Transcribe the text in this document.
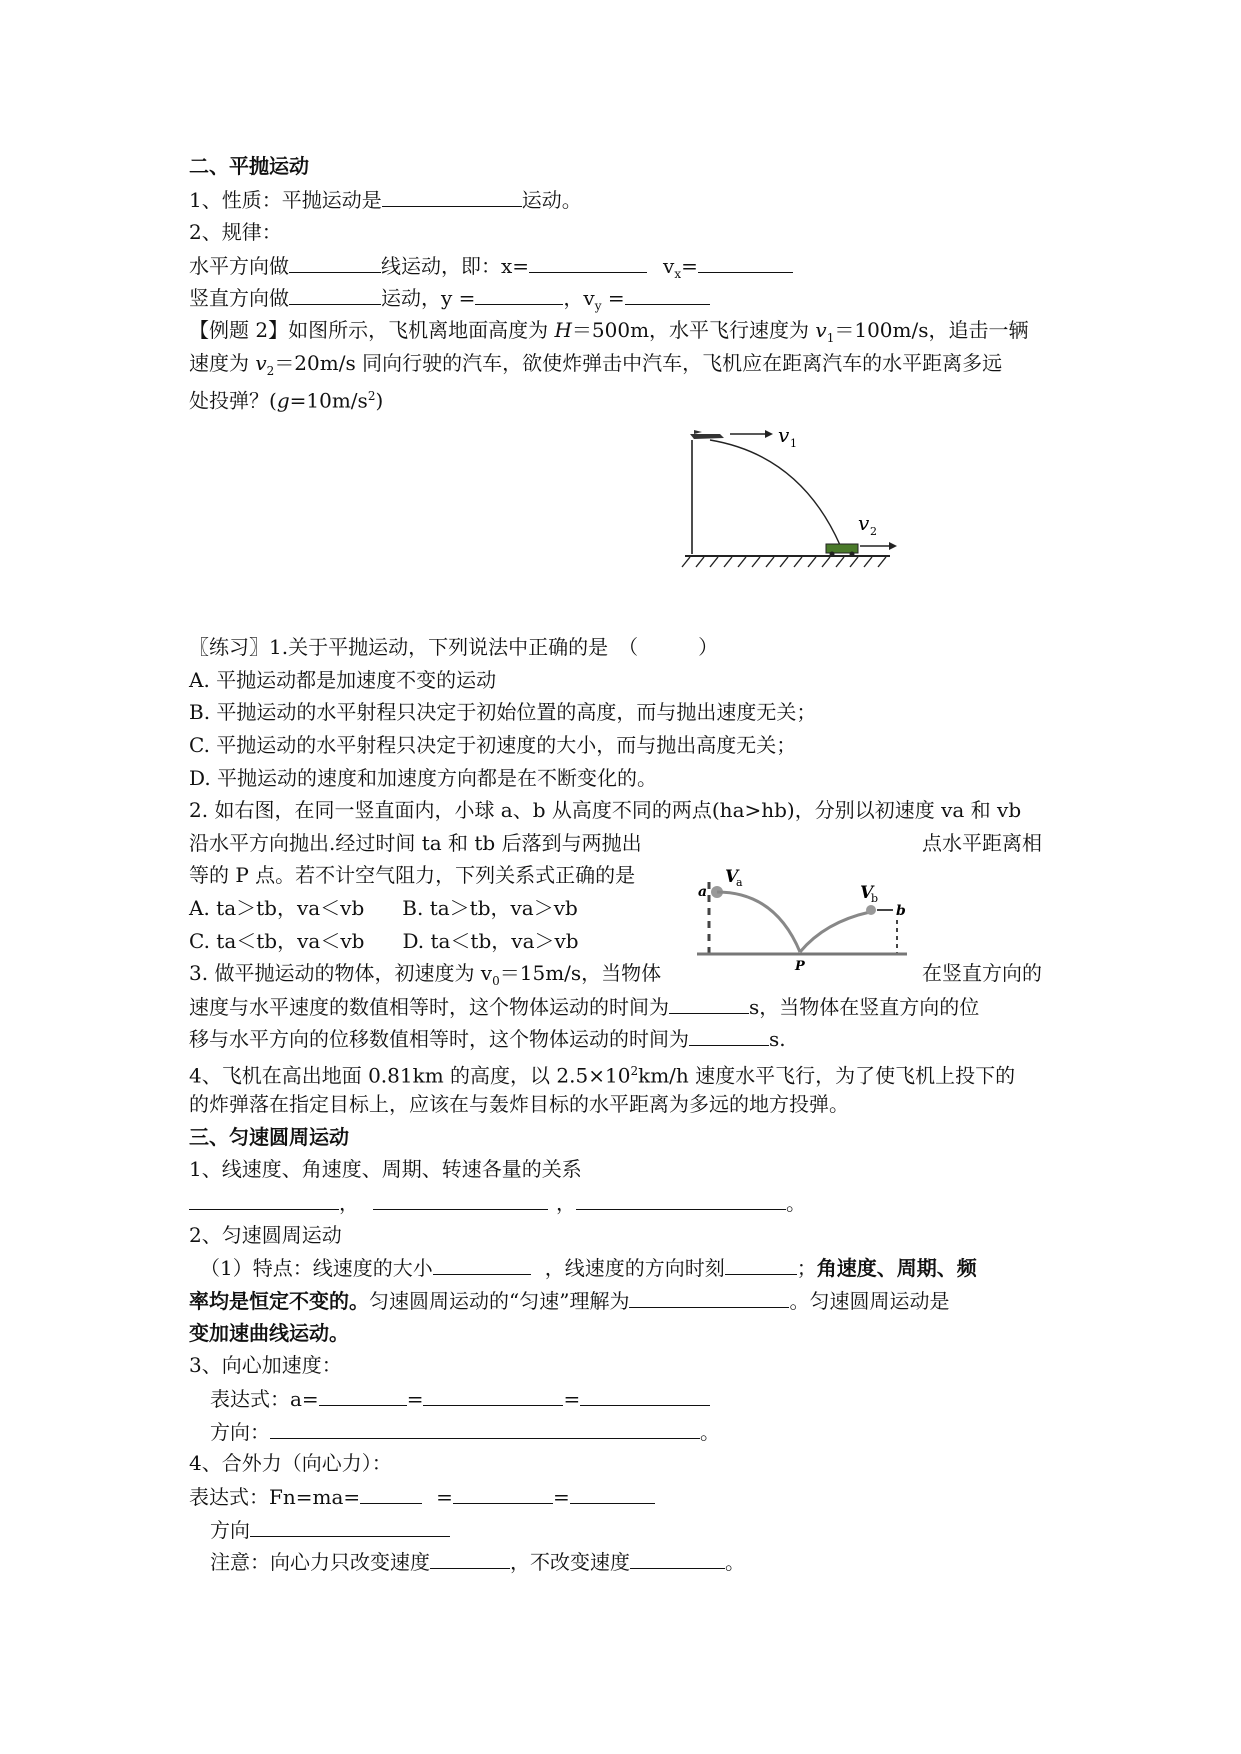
二、平抛运动
1、性质：平抛运动是	运动。
2、规律：
水平方向做	线运动，即：x=	$v_x=$
竖直方向做	运动，y =	，$v_y$ =
【例题 2】如图所示，飞机离地面高度为 H＝500m，水平飞行速度为 $v_1=100m/s$，追击一辆
速度为 $v_2=20m/s$ 同向行驶的汽车，欲使炸弹击中汽车，飞机应在距离汽车的水平距离多远
处投弹？$(g=10m/s^2)$
v 1
v 2
〖练习〗1.关于平抛运动，下列说法中正确的是　（　　　）
A. 平抛运动都是加速度不变的运动
B. 平抛运动的水平射程只决定于初始位置的高度，而与抛出速度无关；
C. 平抛运动的水平射程只决定于初速度的大小，而与抛出高度无关；
D. 平抛运动的速度和加速度方向都是在不断变化的。
2. 如右图，在同一竖直面内，小球 a、b 从高度不同的两点(ha>hb)，分别以初速度 va 和 vb
沿水平方向抛出.经过时间 ta 和 tb 后落到与两抛出	点水平距离相
等的 P 点。若不计空气阻力，下列关系式正确的是
A. ta＞tb，va＜vb B. ta＞tb，va＞vb
C. ta＜tb，va＜vb D. ta＜tb，va＞vb
V
a
a	V
b
b
P
3. 做平抛运动的物体，初速度为 $v_0=15m/s$，当物体	在竖直方向的
速度与水平速度的数值相等时，这个物体运动的时间为	s，当物体在竖直方向的位
移与水平方向的位移数值相等时，这个物体运动的时间为	s.
4、飞机在高出地面 0.81km 的高度，以 $2.5\times 10^2km/h$ 速度水平飞行，为了使飞机上投下的
的炸弹落在指定目标上，应该在与轰炸目标的水平距离为多远的地方投弹。
三、匀速圆周运动
1、线速度、角速度、周期、转速各量的关系
，	，	。
2、匀速圆周运动
（1）特点：线速度的大小	，线速度的方向时刻	；角速度、周期、频
率均是恒定不变的。匀速圆周运动的“匀速”理解为	。匀速圆周运动是
变加速曲线运动。
3、向心加速度：
表达式：a=	=	=
方向：	。
4、合外力（向心力）：
表达式：Fn=ma=	=	=
方向
注意：向心力只改变速度	，不改变速度	。
